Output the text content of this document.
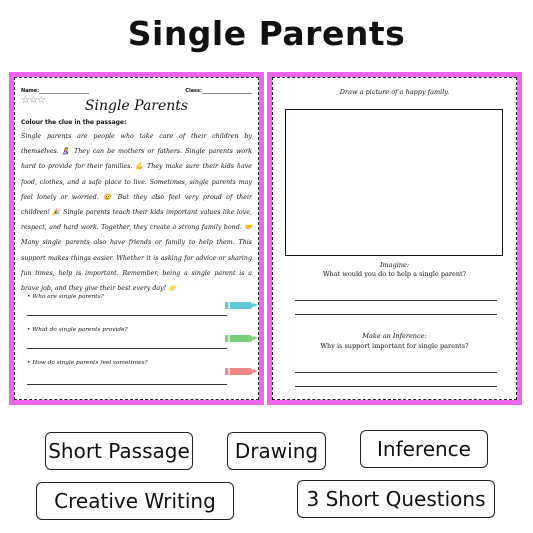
Single Parents
Name:____________________	Class:____________________
☆☆☆	Single Parents
Colour the clue in the passage:
Single parents are people who take care of their children by themselves. 🤱 They can be mothers or fathers. Single parents work hard to provide for their families. 💪 They make sure their kids have food, clothes, and a safe place to live. Sometimes, single parents may feel lonely or worried. 😟 But they also feel very proud of their children! 🎉 Single parents teach their kids important values like love, respect, and hard work. Together, they create a strong family bond. 🤝 Many single parents also have friends or family to help them. This support makes things easier. Whether it is asking for advice or sharing fun times, help is important. Remember, being a single parent is a brave job, and they give their best every day! 🌟
• Who are single parents?
• What do single parents provide?
• How do single parents feel sometimes?
Draw a picture of a happy family.
Imagine:
What would you do to help a single parent?
Make an Inference:
Why is support important for single parents?
Short Passage	Drawing	Inference
Creative Writing	3 Short Questions
